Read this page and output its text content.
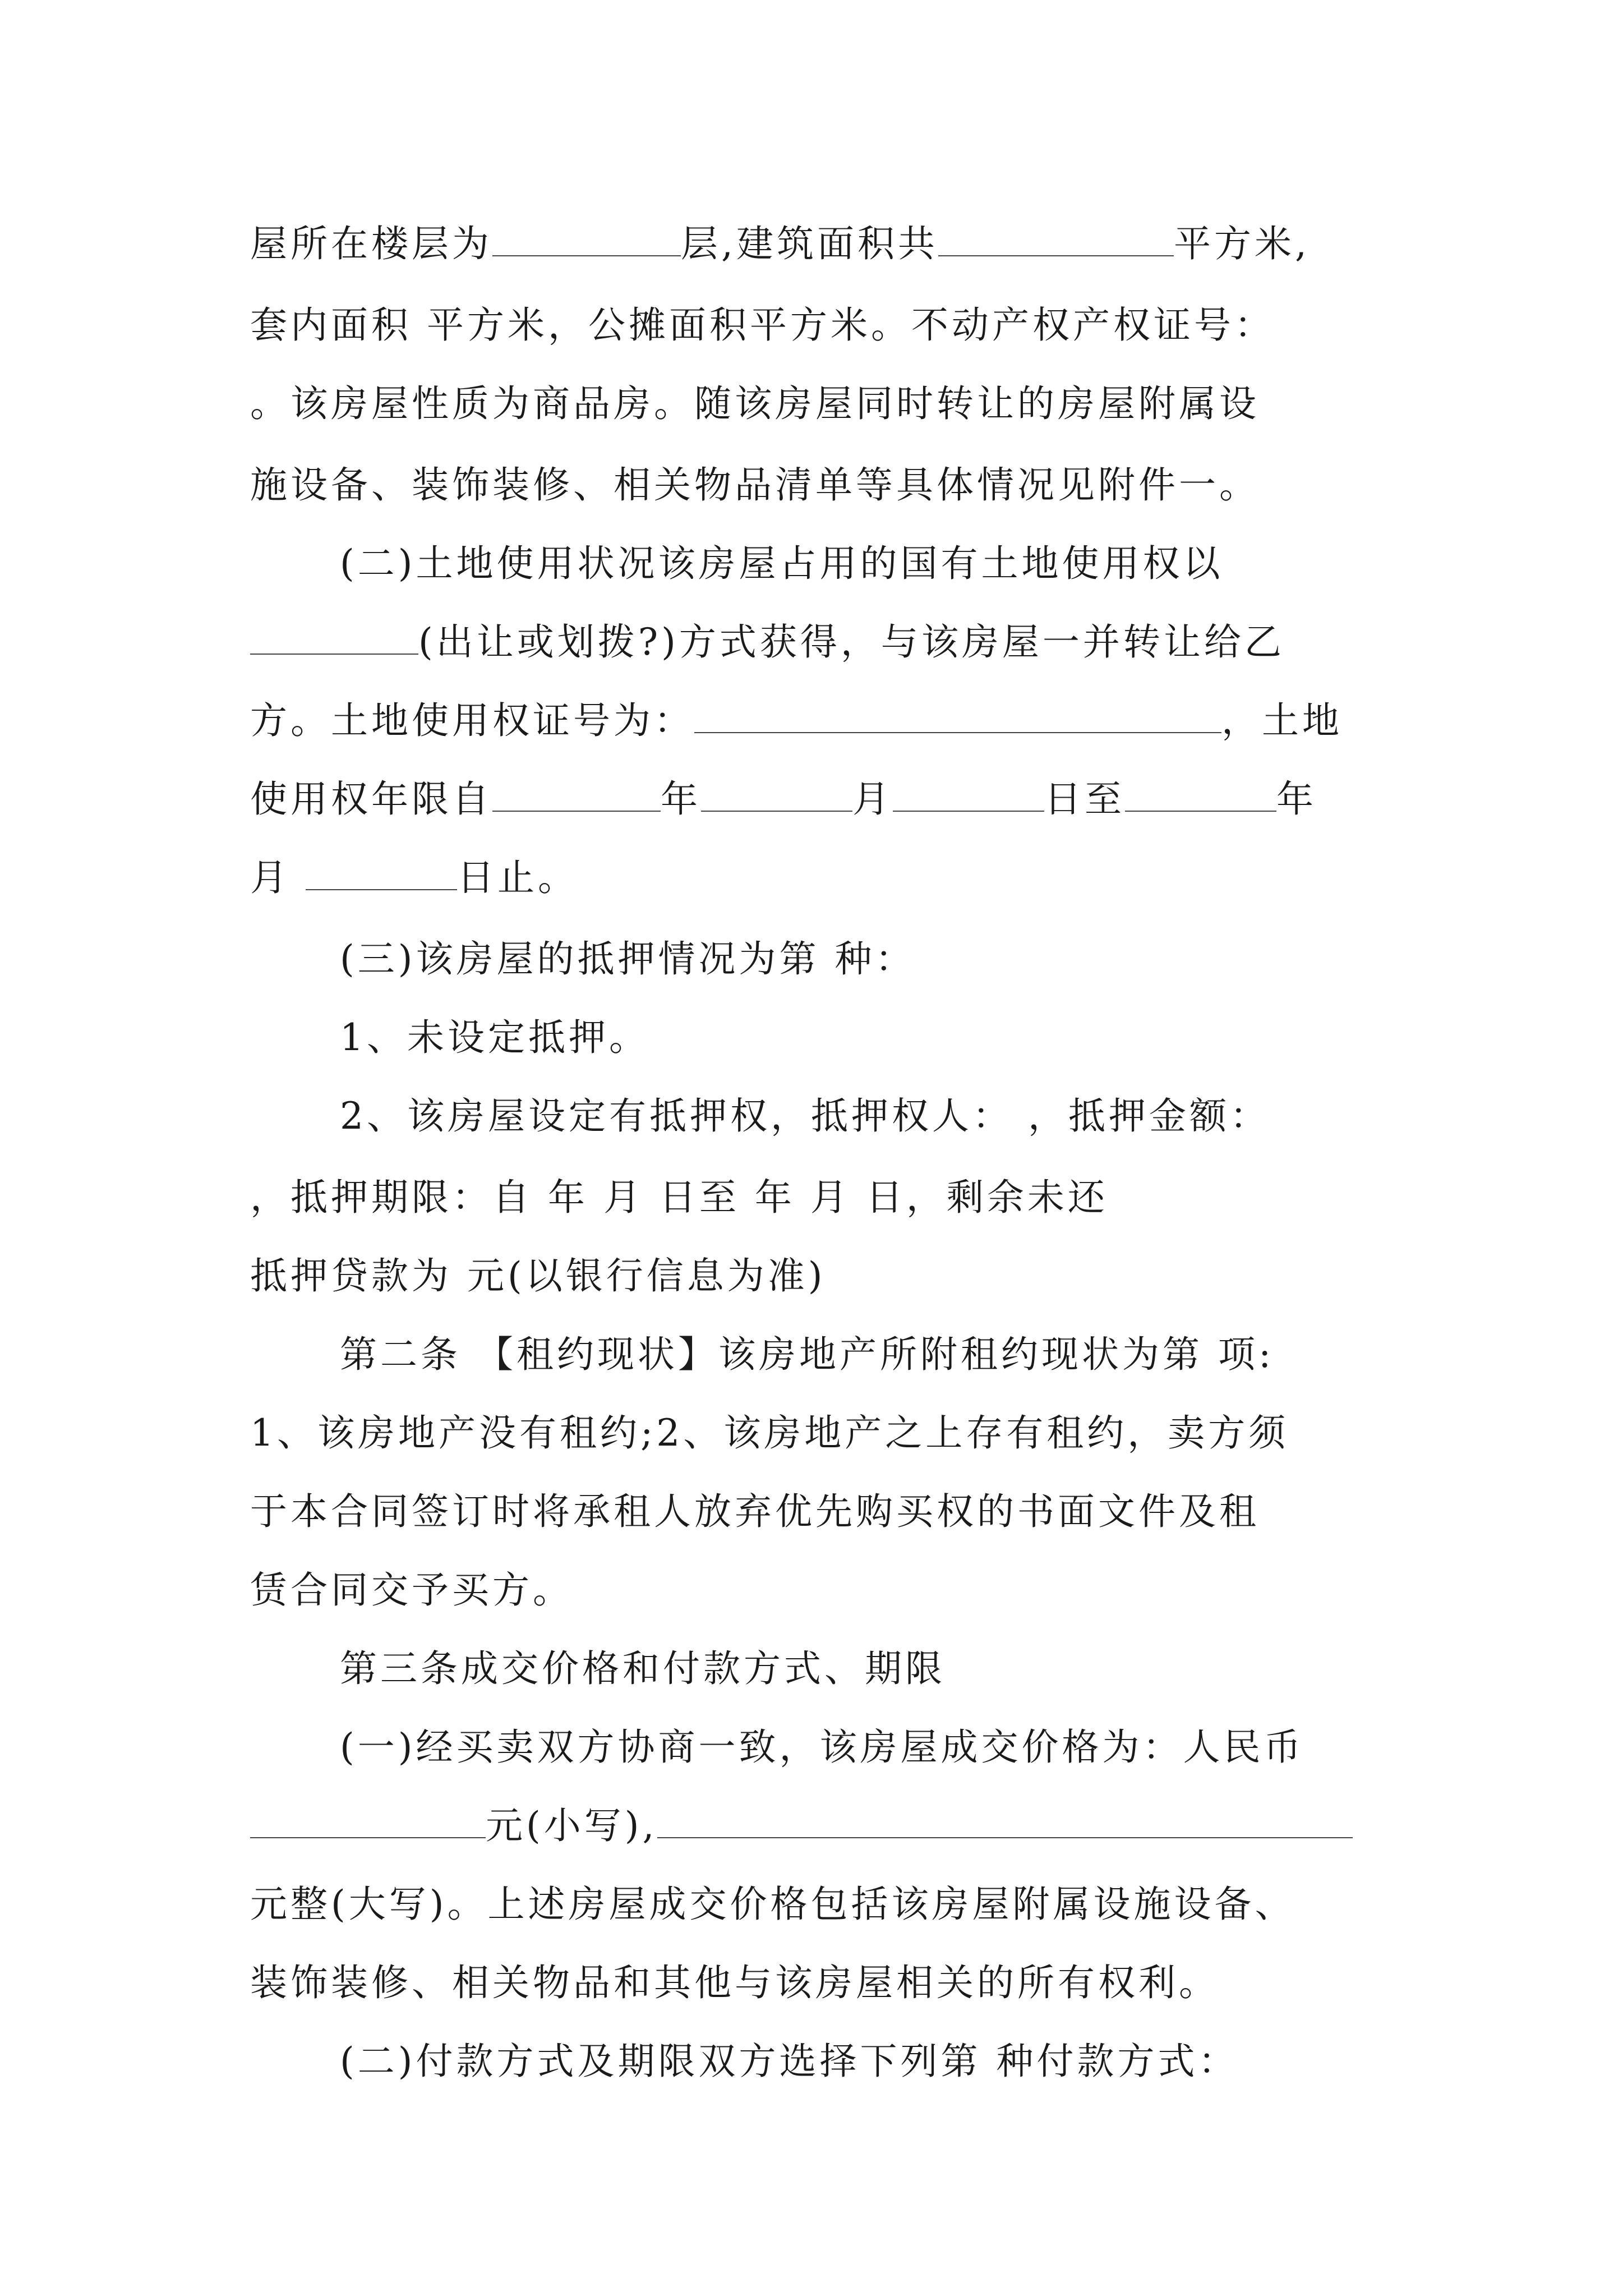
屋所在楼层为	层,建筑面积共	平方米,
套内面积 平方米，公摊面积平方米。不动产权产权证号：
。该房屋性质为商品房。随该房屋同时转让的房屋附属设
施设备、装饰装修、相关物品清单等具体情况见附件一。
(二)土地使用状况该房屋占用的国有土地使用权以
(出让或划拨?)方式获得，与该房屋一并转让给乙
方。土地使用权证号为：	，土地
使用权年限自	年	月	日至	年
月	日止。
(三)该房屋的抵押情况为第 种：
1、未设定抵押。
2、该房屋设定有抵押权，抵押权人： ，抵押金额：
，抵押期限：自 年 月 日至 年 月 日，剩余未还
抵押贷款为 元(以银行信息为准)
第二条 【租约现状】该房地产所附租约现状为第 项:
1、该房地产没有租约;2、该房地产之上存有租约，卖方须
于本合同签订时将承租人放弃优先购买权的书面文件及租
赁合同交予买方。
第三条成交价格和付款方式、期限
(一)经买卖双方协商一致，该房屋成交价格为：人民币
元(小写),
元整(大写)。上述房屋成交价格包括该房屋附属设施设备、
装饰装修、相关物品和其他与该房屋相关的所有权利。
(二)付款方式及期限双方选择下列第 种付款方式：
